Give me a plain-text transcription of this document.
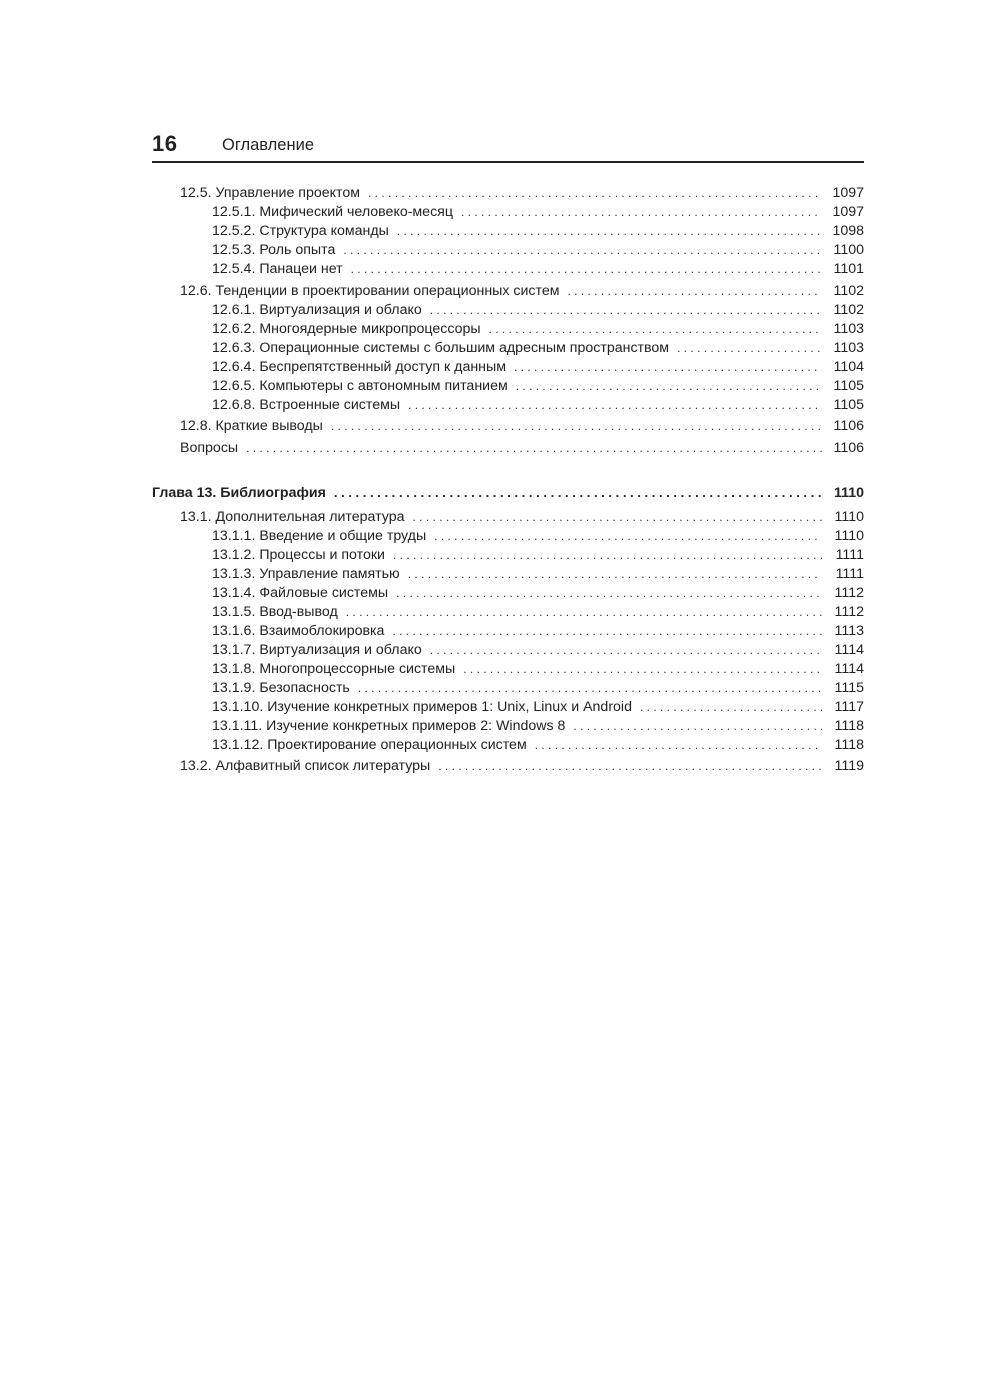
16	Оглавление
12.5. Управление проектом . . .	1097
12.5.1. Мифический человеко-месяц . . .	1097
12.5.2. Структура команды . . .	1098
12.5.3. Роль опыта . . .	1100
12.5.4. Панацеи нет . . .	1101
12.6. Тенденции в проектировании операционных систем . . .	1102
12.6.1. Виртуализация и облако . . .	1102
12.6.2. Многоядерные микропроцессоры . . .	1103
12.6.3. Операционные системы с большим адресным пространством . . .	1103
12.6.4. Беспрепятственный доступ к данным . . .	1104
12.6.5. Компьютеры с автономным питанием . . .	1105
12.6.8. Встроенные системы . . .	1105
12.8. Краткие выводы . . .	1106
Вопросы . . .	1106
Глава 13. Библиография . . .	1110
13.1. Дополнительная литература . . .	1110
13.1.1. Введение и общие труды . . .	1110
13.1.2. Процессы и потоки . . .	1111
13.1.3. Управление памятью . . .	1111
13.1.4. Файловые системы . . .	1112
13.1.5. Ввод-вывод . . .	1112
13.1.6. Взаимоблокировка . . .	1113
13.1.7. Виртуализация и облако . . .	1114
13.1.8. Многопроцессорные системы . . .	1114
13.1.9. Безопасность . . .	1115
13.1.10. Изучение конкретных примеров 1: Unix, Linux и Android . . .	1117
13.1.11. Изучение конкретных примеров 2: Windows 8 . . .	1118
13.1.12. Проектирование операционных систем . . .	1118
13.2. Алфавитный список литературы . . .	1119
